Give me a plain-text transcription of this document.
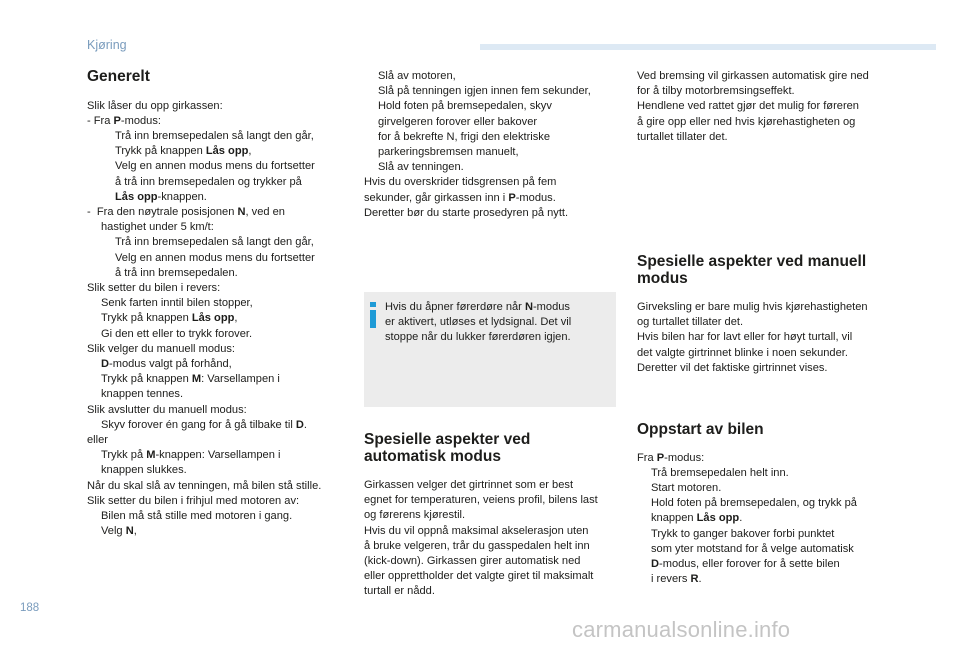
Kjøring
Generelt

Slik låser du opp girkassen:

- Fra P-modus:

Trå inn bremsepedalen så langt den går,

Trykk på knappen Lås opp,

Velg en annen modus mens du fortsetter

å trå inn bremsepedalen og trykker på

Lås opp-knappen.

-  Fra den nøytrale posisjonen N, ved en

hastighet under 5 km/t:

Trå inn bremsepedalen så langt den går,

Velg en annen modus mens du fortsetter

å trå inn bremsepedalen.

Slik setter du bilen i revers:

Senk farten inntil bilen stopper,

Trykk på knappen Lås opp,

Gi den ett eller to trykk forover.

Slik velger du manuell modus:

D-modus valgt på forhånd,

Trykk på knappen M: Varsellampen i

knappen tennes.

Slik avslutter du manuell modus:

Skyv forover én gang for å gå tilbake til D.

eller

Trykk på M-knappen: Varsellampen i

knappen slukkes.

Når du skal slå av tenningen, må bilen stå stille.

Slik setter du bilen i frihjul med motoren av:

Bilen må stå stille med motoren i gang.

Velg N,

Slå av motoren,

Slå på tenningen igjen innen fem sekunder,

Hold foten på bremsepedalen, skyv

girvelgeren forover eller bakover

for å bekrefte N, frigi den elektriske

parkeringsbremsen manuelt,

Slå av tenningen.

Hvis du overskrider tidsgrensen på fem

sekunder, går girkassen inn i P-modus.

Deretter bør du starte prosedyren på nytt.

Hvis du åpner førerdøre når N-modus

er aktivert, utløses et lydsignal. Det vil

stoppe når du lukker førerdøren igjen.

Spesielle aspekter ved
automatisk modus

Girkassen velger det girtrinnet som er best

egnet for temperaturen, veiens profil, bilens last

og førerens kjørestil.

Hvis du vil oppnå maksimal akselerasjon uten

å bruke velgeren, trår du gasspedalen helt inn

(kick-down). Girkassen girer automatisk ned

eller opprettholder det valgte giret til maksimalt

turtall er nådd.

Ved bremsing vil girkassen automatisk gire ned

for å tilby motorbremsingseffekt.

Hendlene ved rattet gjør det mulig for føreren

å gire opp eller ned hvis kjørehastigheten og

turtallet tillater det.

Spesielle aspekter ved manuell
modus

Girveksling er bare mulig hvis kjørehastigheten

og turtallet tillater det.

Hvis bilen har for lavt eller for høyt turtall, vil

det valgte girtrinnet blinke i noen sekunder.

Deretter vil det faktiske girtrinnet vises.

Oppstart av bilen

Fra P-modus:

Trå bremsepedalen helt inn.

Start motoren.

Hold foten på bremsepedalen, og trykk på

knappen Lås opp.

Trykk to ganger bakover forbi punktet

som yter motstand for å velge automatisk

D-modus, eller forover for å sette bilen

i revers R.

188
carmanualsonline.info
